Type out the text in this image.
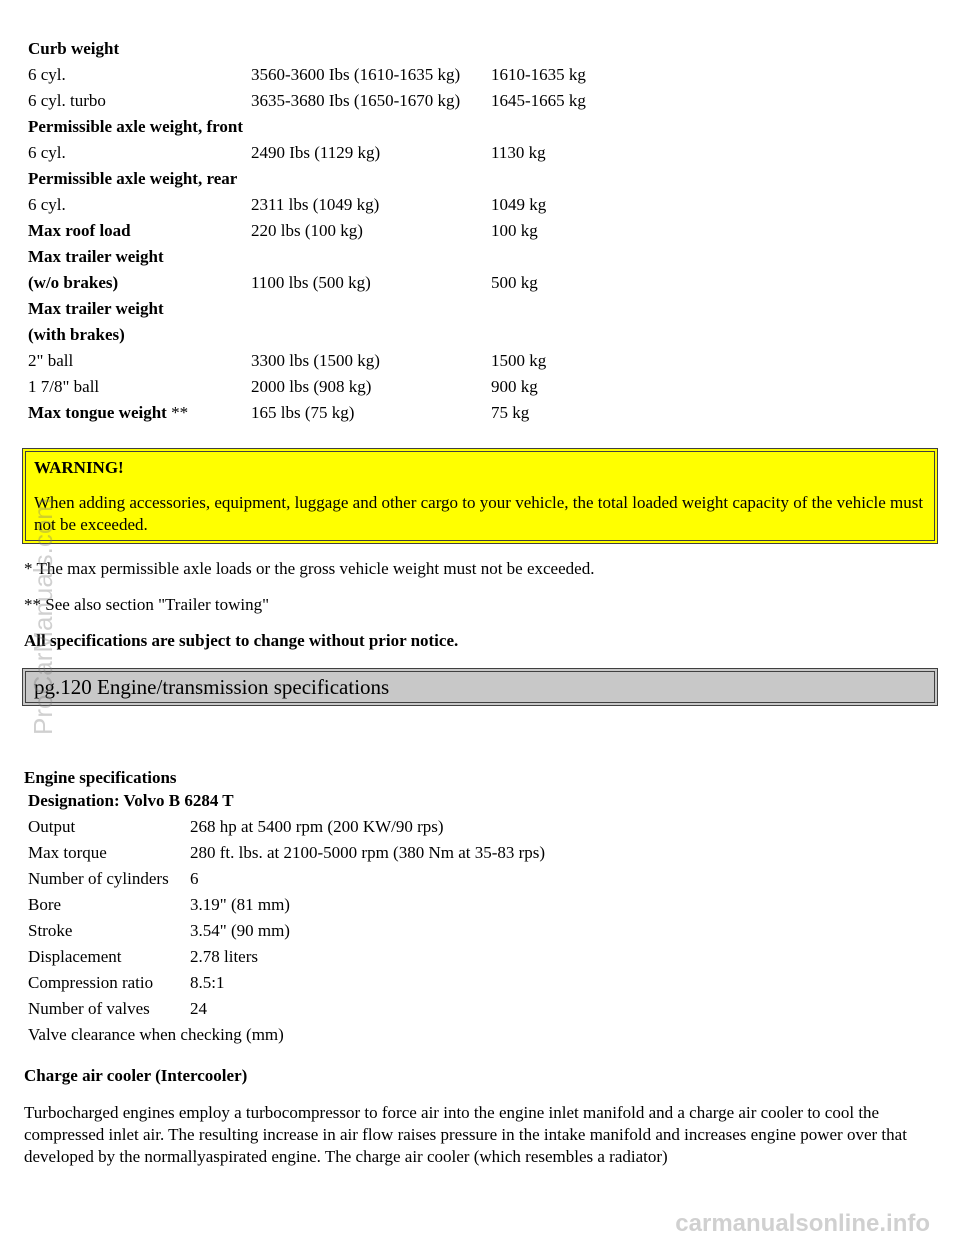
Curb weight		
6 cyl.	3560-3600 Ibs (1610-1635 kg)	1610-1635 kg
6 cyl. turbo	3635-3680 Ibs (1650-1670 kg)	1645-1665 kg
Permissible axle weight, front		
6 cyl.	2490 Ibs (1129 kg)	1130 kg
Permissible axle weight, rear		
6 cyl.	2311 lbs (1049 kg)	1049 kg
Max roof load	220 lbs (100 kg)	100 kg
Max trailer weight		
(w/o brakes)	1100 lbs (500 kg)	500 kg
Max trailer weight		
(with brakes)		
2" ball	3300 lbs (1500 kg)	1500 kg
1 7/8" ball	2000 lbs (908 kg)	900 kg
Max tongue weight **	165 lbs (75 kg)	75 kg

WARNING!

When adding accessories, equipment, luggage and other cargo to your vehicle, the total loaded weight capacity of the vehicle must not be exceeded.

* The max permissible axle loads or the gross vehicle weight must not be exceeded.

** See also section "Trailer towing"

All specifications are subject to change without prior notice.

pg.120 Engine/transmission specifications
Engine specifications
Designation: Volvo B 6284 T	
Output	268 hp at 5400 rpm (200 KW/90 rps)
Max torque	280 ft. lbs. at 2100-5000 rpm (380 Nm at 35-83 rps)
Number of cylinders	6
Bore	3.19" (81 mm)
Stroke	3.54" (90 mm)
Displacement	2.78 liters
Compression ratio	8.5:1
Number of valves	24
Valve clearance when checking (mm)	
Charge air cooler (Intercooler)

Turbocharged engines employ a turbocompressor to force air into the engine inlet manifold and a charge air cooler to cool the compressed inlet air. The resulting increase in air flow raises pressure in the intake manifold and increases engine power over that developed by the normallyaspirated engine. The charge air cooler (which resembles a radiator)

ProCarManuals.com
carmanualsonline.info
